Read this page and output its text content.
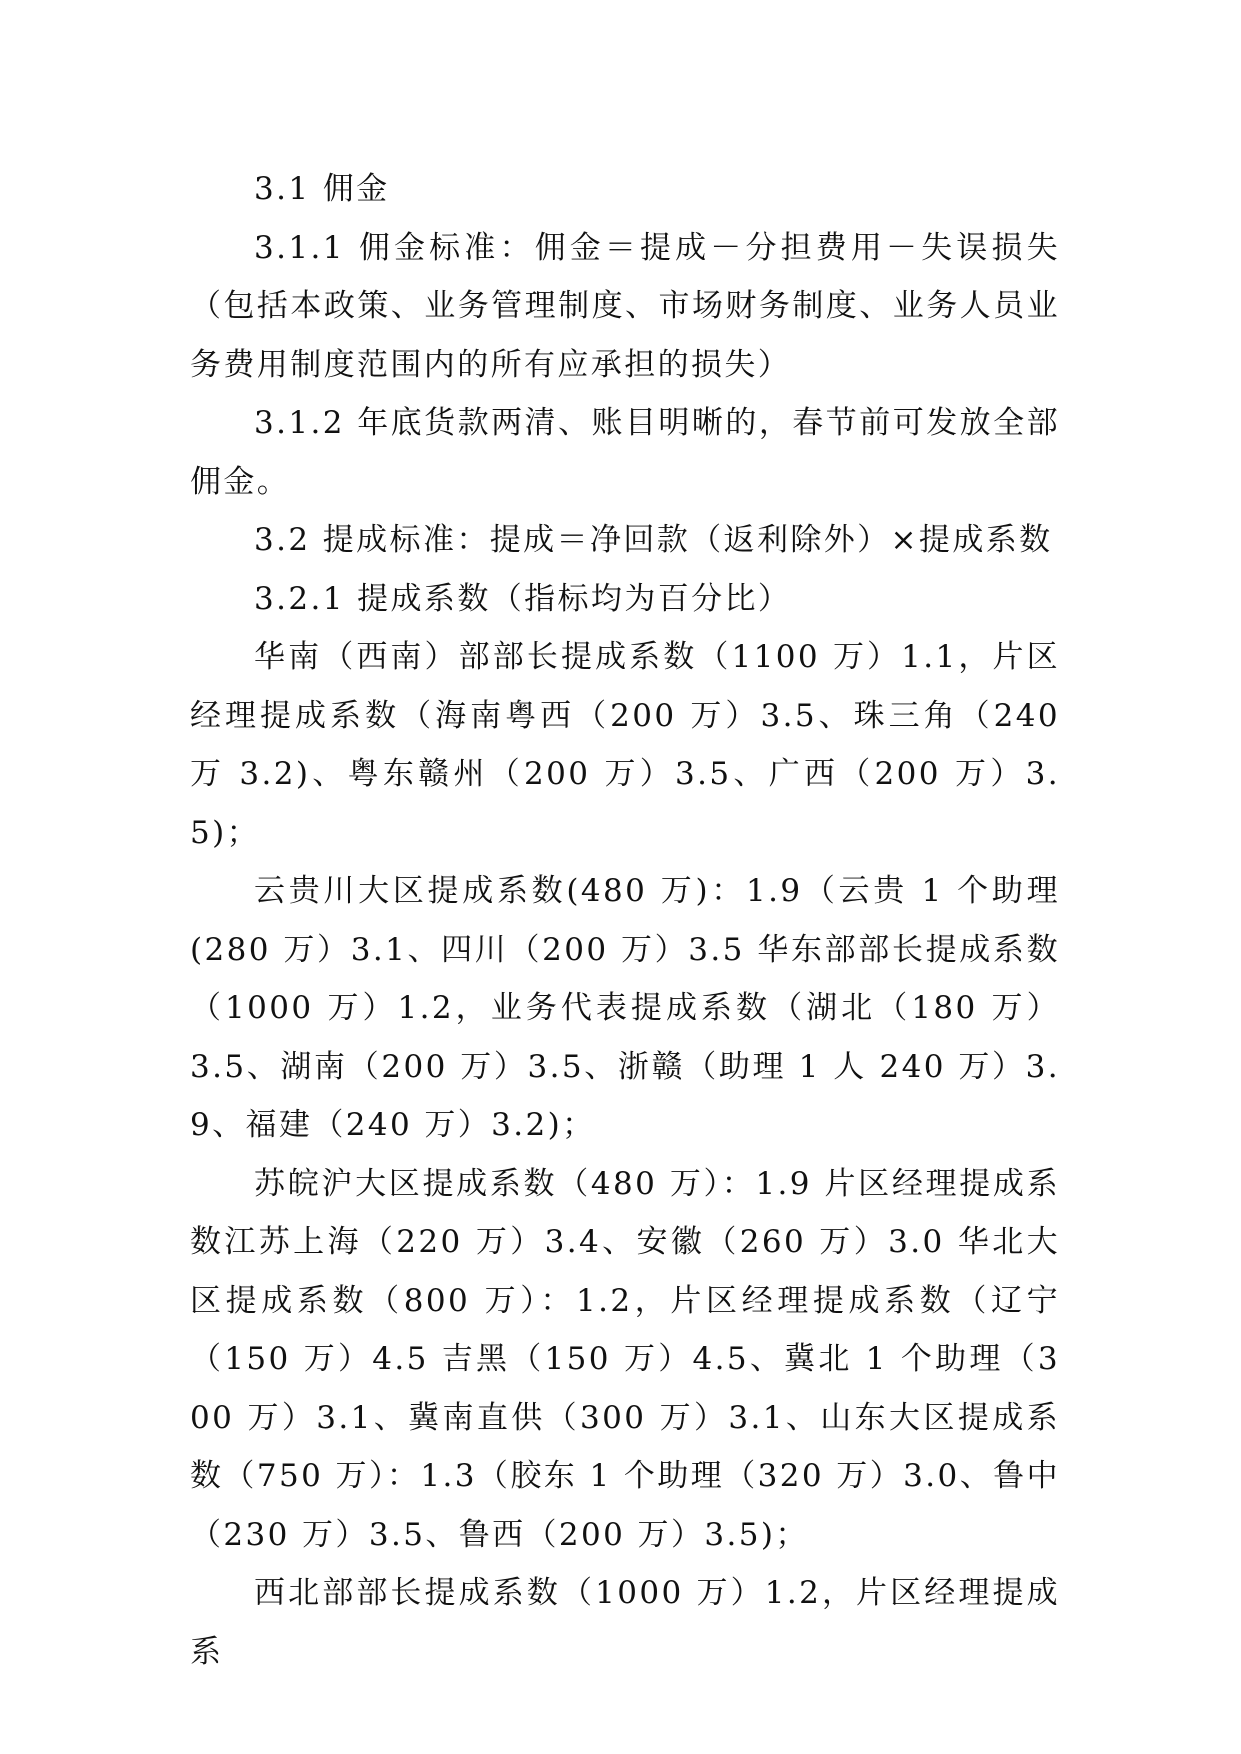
3.1 佣金

3.1.1 佣金标准：佣金＝提成－分担费用－失误损失（包括本政策、业务管理制度、市场财务制度、业务人员业务费用制度范围内的所有应承担的损失）

3.1.2 年底货款两清、账目明晰的，春节前可发放全部佣金。

3.2 提成标准：提成＝净回款（返利除外）×提成系数

3.2.1 提成系数（指标均为百分比）

华南（西南）部部长提成系数（1100 万）1.1，片区经理提成系数（海南粤西（200 万）3.5、珠三角（240 万 3.2)、粤东赣州（200 万）3.5、广西（200 万）3.5)；

云贵川大区提成系数(480 万)：1.9（云贵 1 个助理(280 万）3.1、四川（200 万）3.5 华东部部长提成系数（1000 万）1.2，业务代表提成系数（湖北（180 万）3.5、湖南（200 万）3.5、浙赣（助理 1 人 240 万）3.9、福建（240 万）3.2)；

苏皖沪大区提成系数（480 万）：1.9 片区经理提成系数江苏上海（220 万）3.4、安徽（260 万）3.0 华北大区提成系数（800 万）：1.2，片区经理提成系数（辽宁（150 万）4.5 吉黑（150 万）4.5、冀北 1 个助理（300 万）3.1、冀南直供（300 万）3.1、山东大区提成系数（750 万）：1.3（胶东 1 个助理（320 万）3.0、鲁中（230 万）3.5、鲁西（200 万）3.5)；

西北部部长提成系数（1000 万）1.2，片区经理提成系
